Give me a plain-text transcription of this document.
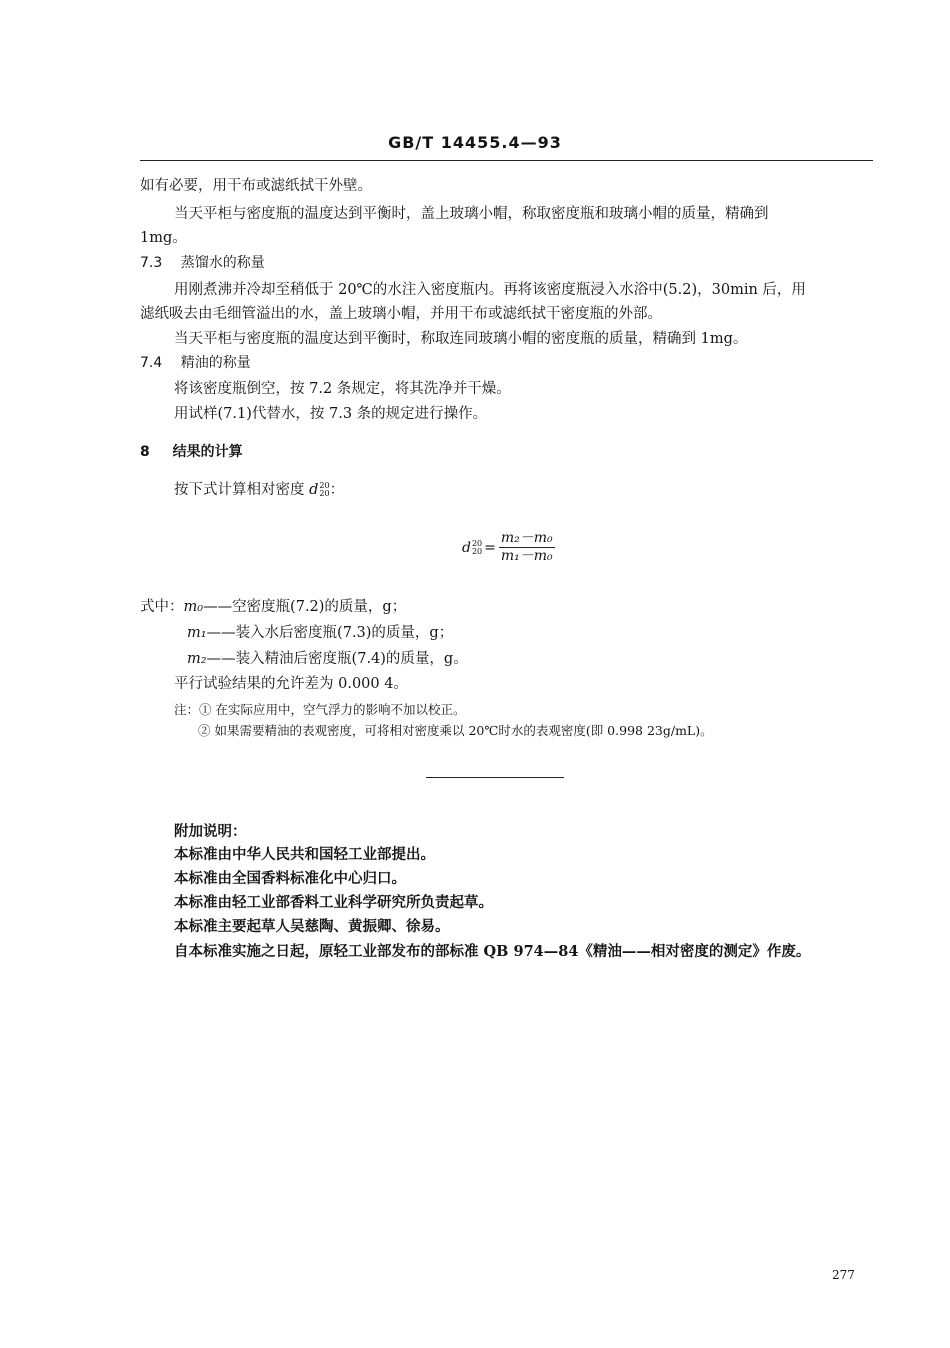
GB/T 14455.4—93
如有必要，用干布或滤纸拭干外壁。
当天平柜与密度瓶的温度达到平衡时，盖上玻璃小帽，称取密度瓶和玻璃小帽的质量，精确到
1mg。
7.3 蒸馏水的称量
用刚煮沸并冷却至稍低于 20℃的水注入密度瓶内。再将该密度瓶浸入水浴中(5.2)，30min 后，用
滤纸吸去由毛细管溢出的水，盖上玻璃小帽，并用干布或滤纸拭干密度瓶的外部。
当天平柜与密度瓶的温度达到平衡时，称取连同玻璃小帽的密度瓶的质量，精确到 1mg。
7.4 精油的称量
将该密度瓶倒空，按 7.2 条规定，将其洗净并干燥。
用试样(7.1)代替水，按 7.3 条的规定进行操作。
8 结果的计算
按下式计算相对密度 d 20
20 ：
d 20
$20 = \frac{\text{m₂－m₀}}{\text{m₁－m₀}}$
式中：m₀——空密度瓶(7.2)的质量，g；
m₁——装入水后密度瓶(7.3)的质量，g；
m₂——装入精油后密度瓶(7.4)的质量，g。
平行试验结果的允许差为 0.000 4。
注：① 在实际应用中，空气浮力的影响不加以校正。
② 如果需要精油的表观密度，可将相对密度乘以 20℃时水的表观密度(即 0.998 23g/mL)。
附加说明：
本标准由中华人民共和国轻工业部提出。
本标准由全国香料标准化中心归口。
本标准由轻工业部香料工业科学研究所负责起草。
本标准主要起草人吴慈陶、黄振卿、徐易。
自本标准实施之日起，原轻工业部发布的部标准 QB 974—84《精油——相对密度的测定》作废。
277
